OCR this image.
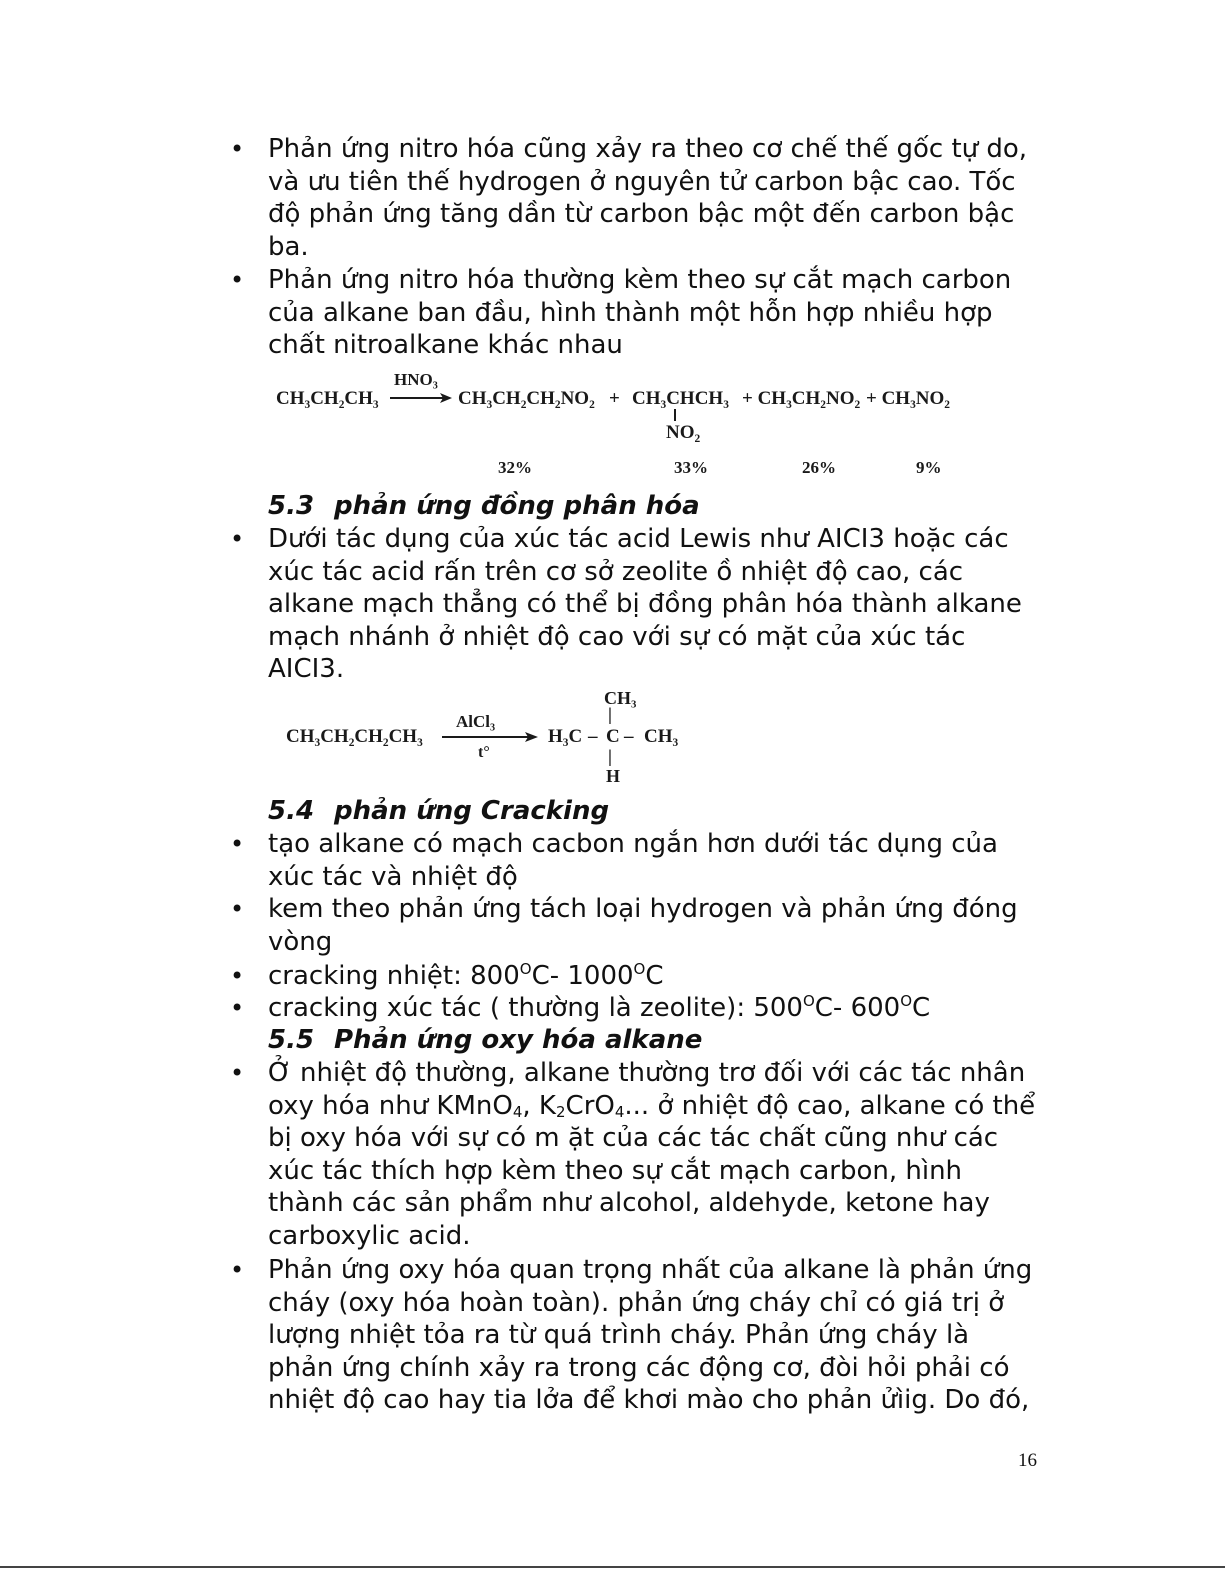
• Phản ứng nitro hóa cũng xảy ra theo cơ chế thế gốc tự do,
và ưu tiên thế hydrogen ở nguyên tử carbon bậc cao. Tốc
độ phản ứng tăng dần từ carbon bậc một đến carbon bậc
ba.
• Phản ứng nitro hóa thường kèm theo sự cắt mạch carbon
của alkane ban đầu, hình thành một hỗn hợp nhiều hợp
chất nitroalkane khác nhau
CH₃CH₂CH₃
HNO₃
CH₃CH₂CH₂NO₂ + CH₃CHCH₃
NO₂
+ CH₃CH₂NO₂ + CH₃NO₂
32%	33%	26%	9%
5.3 phản ứng đồng phân hóa
• Dưới tác dụng của xúc tác acid Lewis như AICI3 hoặc các
xúc tác acid rấn trên cơ sở zeolite ồ nhiệt độ cao, các
alkane mạch thẳng có thể bị đồng phân hóa thành alkane
mạch nhánh ở nhiệt độ cao với sự có mặt của xúc tác
AICI3.
CH₃CH₂CH₂CH₃
AlCl₃
t°
CH₃
|
H₃C – C – CH₃
|
H
5.4 phản ứng Cracking
• tạo alkane có mạch cacbon ngắn hơn dưới tác dụng của
xúc tác và nhiệt độ
• kem theo phản ứng tách loại hydrogen và phản ứng đóng
vòng
• cracking nhiệt: $800^OC-$ $1000^OC$
• cracking xúc tác ( thường là zeolite): $500^OC-$ $600^OC$
5.5 Phản ứng oxy hóa alkane
• Ở nhiệt độ thường, alkane thường trơ đối với các tác nhân
oxy hóa như KMnO$_4$, $K_2CrO_4$... ở nhiệt độ cao, alkane có thể
bị oxy hóa với sự có m ặt của các tác chất cũng như các
xúc tác thích hợp kèm theo sự cắt mạch carbon, hình
thành các sản phẩm như alcohol, aldehyde, ketone hay
carboxylic acid.
• Phản ứng oxy hóa quan trọng nhất của alkane là phản ứng
cháy (oxy hóa hoàn toàn). phản ứng cháy chỉ có giá trị ở
lượng nhiệt tỏa ra từ quá trình cháy. Phản ứng cháy là
phản ứng chính xảy ra trong các động cơ, đòi hỏi phải có
nhiệt độ cao hay tia lởa để khơi mào cho phản ửìig. Do đó,
16
